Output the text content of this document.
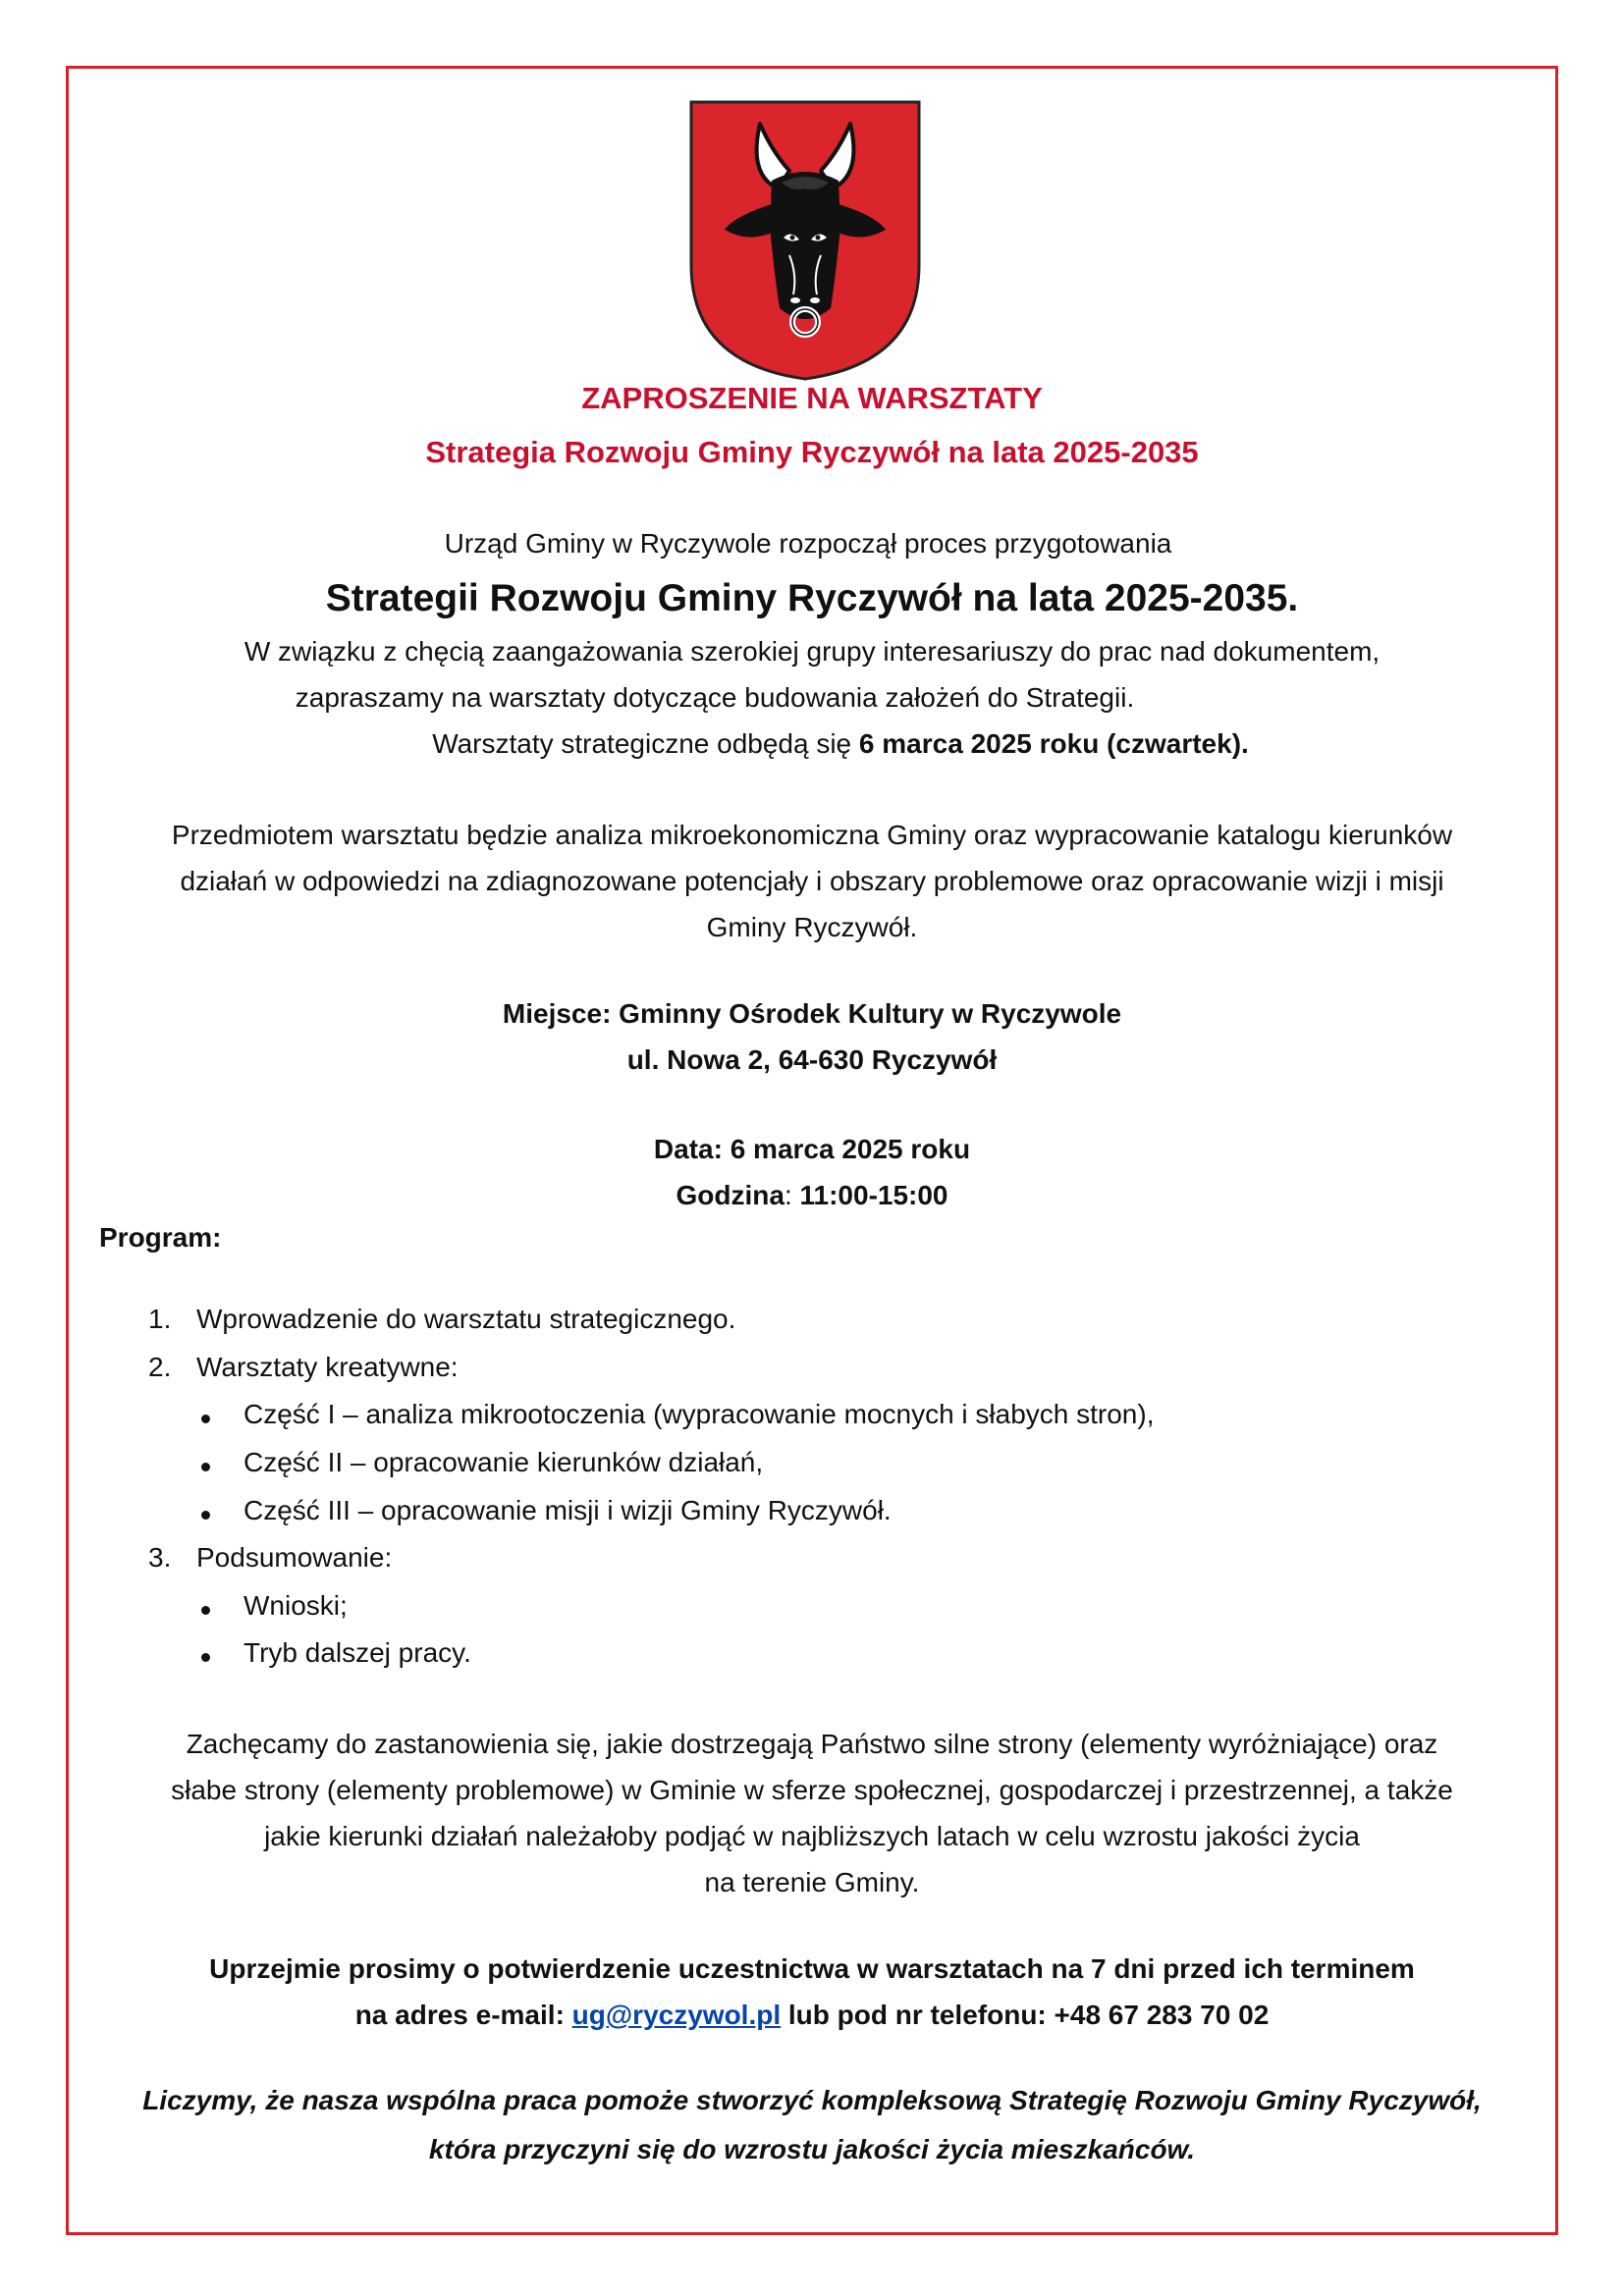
ZAPROSZENIE NA WARSZTATY
Strategia Rozwoju Gminy Ryczywół na lata 2025-2035
Urząd Gminy w Ryczywole rozpoczął proces przygotowania
Strategii Rozwoju Gminy Ryczywół na lata 2025-2035.
W związku z chęcią zaangażowania szerokiej grupy interesariuszy do prac nad dokumentem,
zapraszamy na warsztaty dotyczące budowania założeń do Strategii.
Warsztaty strategiczne odbędą się 6 marca 2025 roku (czwartek).
Przedmiotem warsztatu będzie analiza mikroekonomiczna Gminy oraz wypracowanie katalogu kierunków
działań w odpowiedzi na zdiagnozowane potencjały i obszary problemowe oraz opracowanie wizji i misji
Gminy Ryczywół.
Miejsce: Gminny Ośrodek Kultury w Ryczywole
ul. Nowa 2, 64-630 Ryczywół
Data: 6 marca 2025 roku
Godzina: 11:00-15:00
Program:
1. Wprowadzenie do warsztatu strategicznego.
2. Warsztaty kreatywne:
Część I – analiza mikrootoczenia (wypracowanie mocnych i słabych stron),
Część II – opracowanie kierunków działań,
Część III – opracowanie misji i wizji Gminy Ryczywół.
3. Podsumowanie:
Wnioski;
Tryb dalszej pracy.
Zachęcamy do zastanowienia się, jakie dostrzegają Państwo silne strony (elementy wyróżniające) oraz
słabe strony (elementy problemowe) w Gminie w sferze społecznej, gospodarczej i przestrzennej, a także
jakie kierunki działań należałoby podjąć w najbliższych latach w celu wzrostu jakości życia
na terenie Gminy.
Uprzejmie prosimy o potwierdzenie uczestnictwa w warsztatach na 7 dni przed ich terminem
na adres e-mail: ug@ryczywol.pl lub pod nr telefonu: +48 67 283 70 02
Liczymy, że nasza wspólna praca pomoże stworzyć kompleksową Strategię Rozwoju Gminy Ryczywół,
która przyczyni się do wzrostu jakości życia mieszkańców.
